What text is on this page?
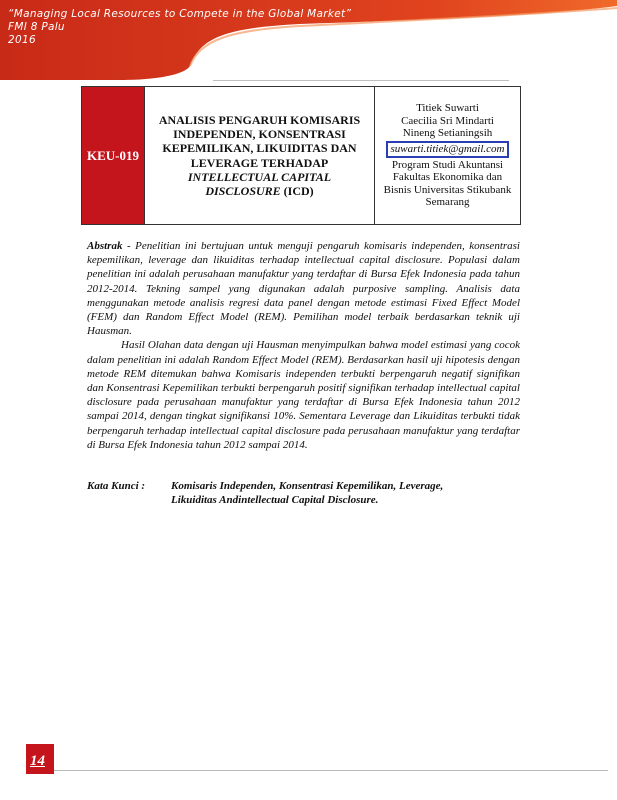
“Managing Local Resources to Compete in the Global Market”
FMI 8 Palu
2016
KEU-019
ANALISIS PENGARUH KOMISARIS
INDEPENDEN, KONSENTRASI
KEPEMILIKAN, LIKUIDITAS DAN
LEVERAGE TERHADAP
INTELLECTUAL CAPITAL
DISCLOSURE (ICD)
Titiek Suwarti
Caecilia Sri Mindarti
Nineng Setianingsih
suwarti.titiek@gmail.com
Program Studi Akuntansi
Fakultas Ekonomika dan
Bisnis Universitas Stikubank
Semarang

Abstrak - Penelitian ini bertujuan untuk menguji pengaruh komisaris independen, konsentrasi kepemilikan, leverage dan likuiditas terhadap intellectual capital disclosure. Populasi dalam penelitian ini adalah perusahaan manufaktur yang terdaftar di Bursa Efek Indonesia pada tahun 2012-2014. Tekning sampel yang digunakan adalah purposive sampling. Analisis data menggunakan metode analisis regresi data panel dengan metode estimasi Fixed Effect Model (FEM) dan Random Effect Model (REM). Pemilihan model terbaik berdasarkan teknik uji Hausman.

Hasil Olahan data dengan uji Hausman menyimpulkan bahwa model estimasi yang cocok dalam penelitian ini adalah Random Effect Model (REM). Berdasarkan hasil uji hipotesis dengan metode REM ditemukan bahwa Komisaris independen terbukti berpengaruh negatif signifikan dan Konsentrasi Kepemilikan terbukti berpengaruh positif signifikan terhadap intellectual capital disclosure pada perusahaan manufaktur yang terdaftar di Bursa Efek Indonesia tahun 2012 sampai 2014, dengan tingkat signifikansi 10%. Sementara Leverage dan Likuiditas terbukti tidak berpengaruh terhadap intellectual capital disclosure pada perusahaan manufaktur yang terdaftar di Bursa Efek Indonesia tahun 2012 sampai 2014.

Kata Kunci :	Komisaris Independen, Konsentrasi Kepemilikan, Leverage,
Likuiditas Andintellectual Capital Disclosure.
14
